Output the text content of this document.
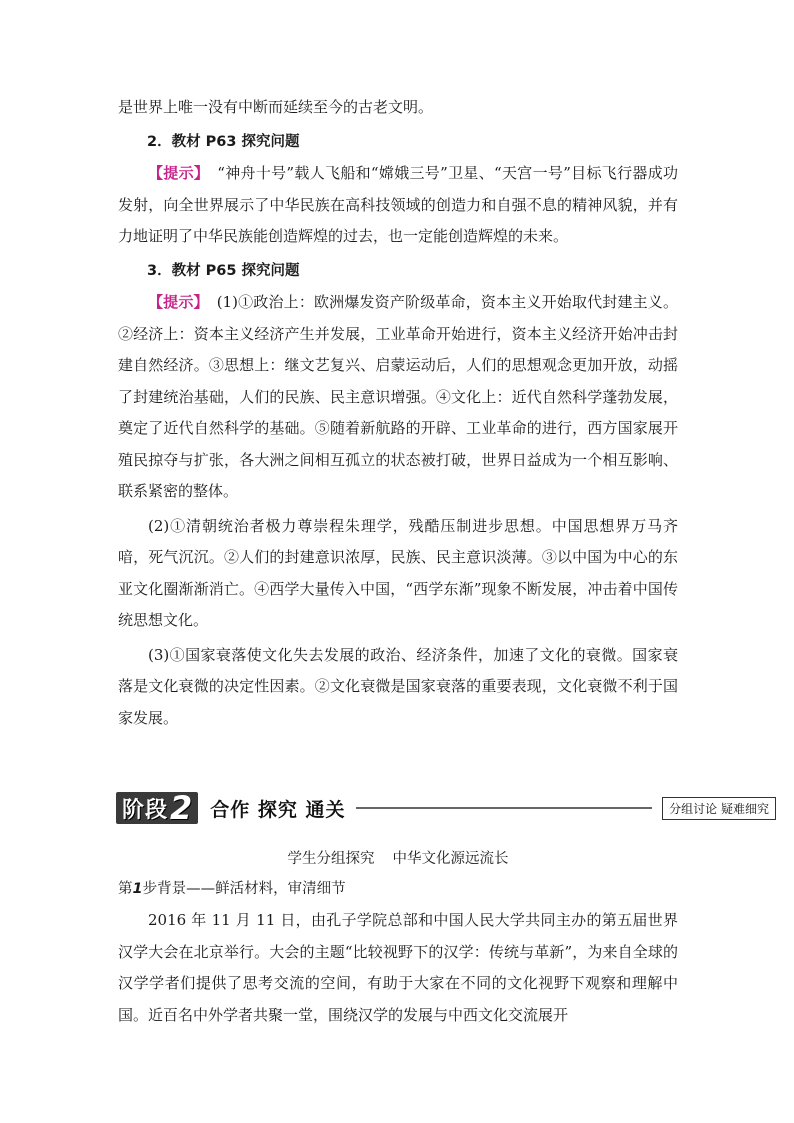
是世界上唯一没有中断而延续至今的古老文明。

2．教材 P63 探究问题

【提示】 “神舟十号”载人飞船和“嫦娥三号”卫星、“天宫一号”目标飞行器成功发射，向全世界展示了中华民族在高科技领域的创造力和自强不息的精神风貌，并有力地证明了中华民族能创造辉煌的过去，也一定能创造辉煌的未来。

3．教材 P65 探究问题

【提示】 (1)①政治上：欧洲爆发资产阶级革命，资本主义开始取代封建主义。②经济上：资本主义经济产生并发展，工业革命开始进行，资本主义经济开始冲击封建自然经济。③思想上：继文艺复兴、启蒙运动后，人们的思想观念更加开放，动摇了封建统治基础，人们的民族、民主意识增强。④文化上：近代自然科学蓬勃发展，奠定了近代自然科学的基础。⑤随着新航路的开辟、工业革命的进行，西方国家展开殖民掠夺与扩张，各大洲之间相互孤立的状态被打破，世界日益成为一个相互影响、联系紧密的整体。

(2)①清朝统治者极力尊崇程朱理学，残酷压制进步思想。中国思想界万马齐喑，死气沉沉。②人们的封建意识浓厚，民族、民主意识淡薄。③以中国为中心的东亚文化圈渐渐消亡。④西学大量传入中国，“西学东渐”现象不断发展，冲击着中国传统思想文化。

(3)①国家衰落使文化失去发展的政治、经济条件，加速了文化的衰微。国家衰落是文化衰微的决定性因素。②文化衰微是国家衰落的重要表现，文化衰微不利于国家发展。

阶段 2 合作 探究 通关	分组讨论 疑难细究
学生分组探究 中华文化源远流长
第1步背景——鲜活材料，审清细节

2016 年 11 月 11 日，由孔子学院总部和中国人民大学共同主办的第五届世界汉学大会在北京举行。大会的主题“比较视野下的汉学：传统与革新”，为来自全球的汉学学者们提供了思考交流的空间，有助于大家在不同的文化视野下观察和理解中国。近百名中外学者共聚一堂，围绕汉学的发展与中西文化交流展开
